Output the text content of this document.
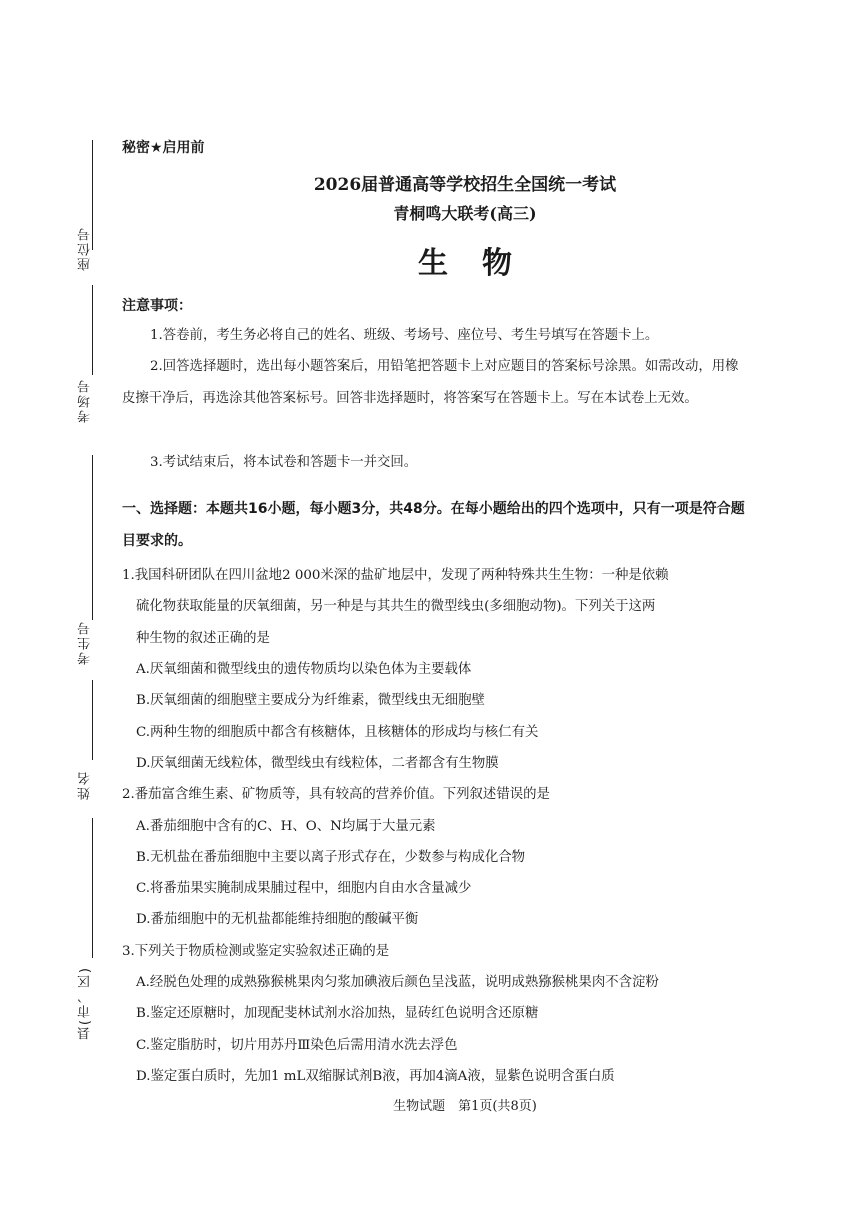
座位号
考场号
考生号
姓名
县(市、区)
秘密★启用前
2026届普通高等学校招生全国统一考试
青桐鸣大联考(高三)
生物
注意事项：
1.答卷前，考生务必将自己的姓名、班级、考场号、座位号、考生号填写在答题卡上。
2.回答选择题时，选出每小题答案后，用铅笔把答题卡上对应题目的答案标号涂黑。如需改动，用橡皮擦干净后，再选涂其他答案标号。回答非选择题时，将答案写在答题卡上。写在本试卷上无效。
3.考试结束后，将本试卷和答题卡一并交回。
一、选择题：本题共16小题，每小题3分，共48分。在每小题给出的四个选项中，只有一项是符合题目要求的。
1.我国科研团队在四川盆地2 000米深的盐矿地层中，发现了两种特殊共生生物：一种是依赖
硫化物获取能量的厌氧细菌，另一种是与其共生的微型线虫(多细胞动物)。下列关于这两
种生物的叙述正确的是
A.厌氧细菌和微型线虫的遗传物质均以染色体为主要载体
B.厌氧细菌的细胞壁主要成分为纤维素，微型线虫无细胞壁
C.两种生物的细胞质中都含有核糖体，且核糖体的形成均与核仁有关
D.厌氧细菌无线粒体，微型线虫有线粒体，二者都含有生物膜
2.番茄富含维生素、矿物质等，具有较高的营养价值。下列叙述错误的是
A.番茄细胞中含有的C、H、O、N均属于大量元素
B.无机盐在番茄细胞中主要以离子形式存在，少数参与构成化合物
C.将番茄果实腌制成果脯过程中，细胞内自由水含量减少
D.番茄细胞中的无机盐都能维持细胞的酸碱平衡
3.下列关于物质检测或鉴定实验叙述正确的是
A.经脱色处理的成熟猕猴桃果肉匀浆加碘液后颜色呈浅蓝，说明成熟猕猴桃果肉不含淀粉
B.鉴定还原糖时，加现配斐林试剂水浴加热，显砖红色说明含还原糖
C.鉴定脂肪时，切片用苏丹Ⅲ染色后需用清水洗去浮色
D.鉴定蛋白质时，先加1 mL双缩脲试剂B液，再加4滴A液，显紫色说明含蛋白质
生物试题　第1页(共8页)
